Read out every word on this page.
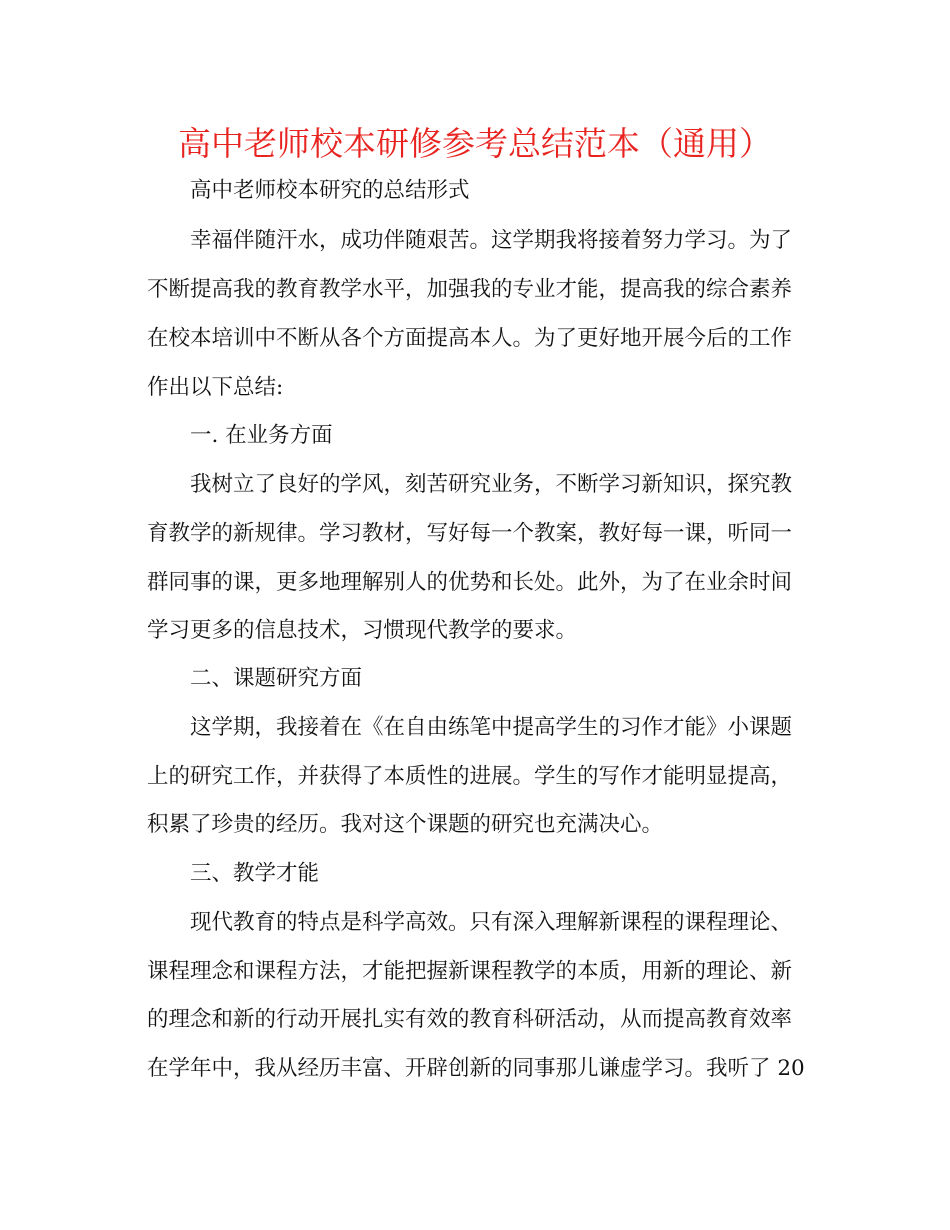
高中老师校本研修参考总结范本（通用）
高中老师校本研究的总结形式
幸福伴随汗水，成功伴随艰苦。这学期我将接着努力学习。为了
不断提高我的教育教学水平，加强我的专业才能，提高我的综合素养
在校本培训中不断从各个方面提高本人。为了更好地开展今后的工作
作出以下总结:
一. 在业务方面
我树立了良好的学风，刻苦研究业务，不断学习新知识，探究教
育教学的新规律。学习教材，写好每一个教案，教好每一课，听同一
群同事的课，更多地理解别人的优势和长处。此外，为了在业余时间
学习更多的信息技术，习惯现代教学的要求。
二、课题研究方面
这学期，我接着在《在自由练笔中提高学生的习作才能》小课题
上的研究工作，并获得了本质性的进展。学生的写作才能明显提高，
积累了珍贵的经历。我对这个课题的研究也充满决心。
三、教学才能
现代教育的特点是科学高效。只有深入理解新课程的课程理论、
课程理念和课程方法，才能把握新课程教学的本质，用新的理论、新
的理念和新的行动开展扎实有效的教育科研活动，从而提高教育效率
在学年中，我从经历丰富、开辟创新的同事那儿谦虚学习。我听了 20
